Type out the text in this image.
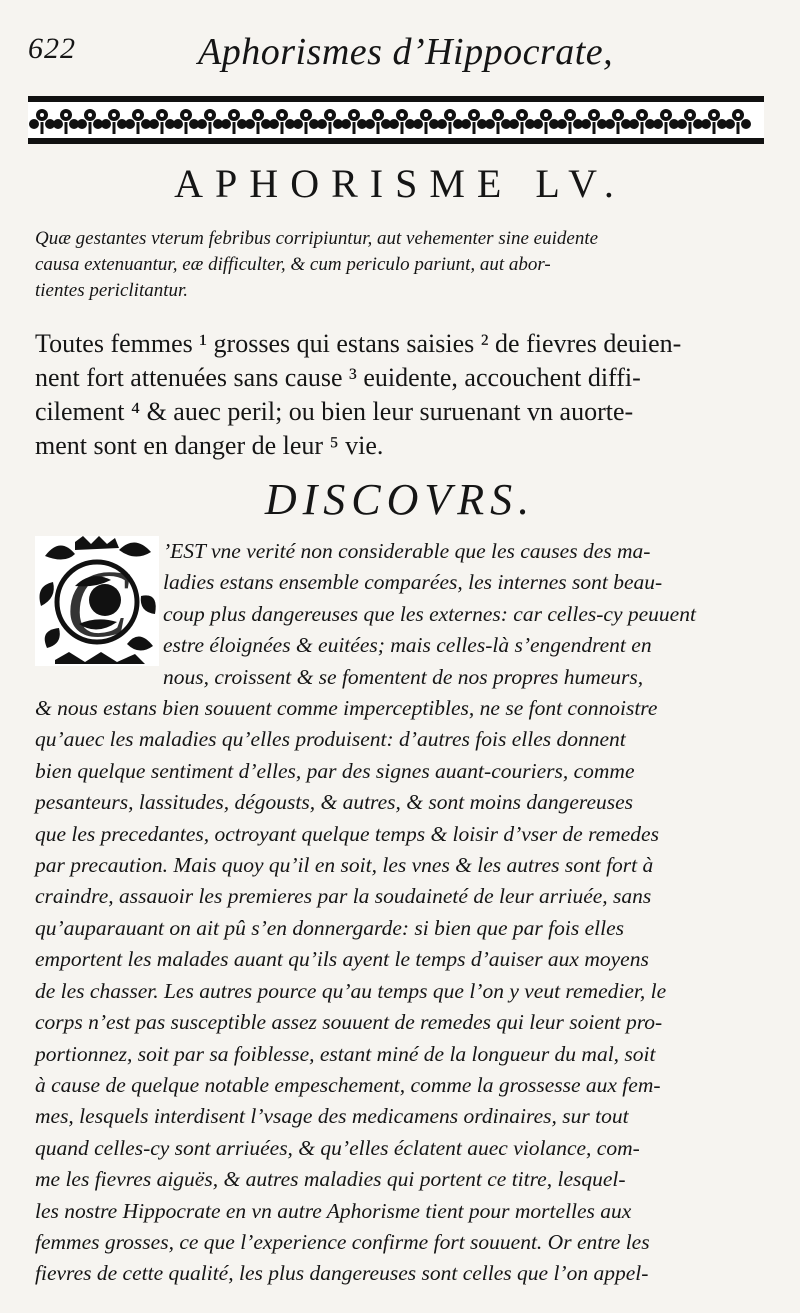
622	Aphorismes d’Hippocrate,
APHORISME LV.
Quæ gestantes vterum febribus corripiuntur, aut vehementer sine euidente
causa extenuantur, eæ difficulter, & cum periculo pariunt, aut abor-
tientes periclitantur.
Toutes femmes ¹ grosses qui estans saisies ² de fievres deuien-
nent fort attenuées sans cause ³ euidente, accouchent diffi-
cilement ⁴ & auec peril; ou bien leur suruenant vn auorte-
ment sont en danger de leur ⁵ vie.
DISCOVRS.
C	’EST vne verité non considerable que les causes des ma-
ladies estans ensemble comparées, les internes sont beau-
coup plus dangereuses que les externes: car celles-cy peuuent
estre éloignées & euitées; mais celles-là s’engendrent en
nous, croissent & se fomentent de nos propres humeurs,
& nous estans bien souuent comme imperceptibles, ne se font connoistre
qu’auec les maladies qu’elles produisent: d’autres fois elles donnent
bien quelque sentiment d’elles, par des signes auant-couriers, comme
pesanteurs, lassitudes, dégousts, & autres, & sont moins dangereuses
que les precedantes, octroyant quelque temps & loisir d’vser de remedes
par precaution. Mais quoy qu’il en soit, les vnes & les autres sont fort à
craindre, assauoir les premieres par la soudaineté de leur arriuée, sans
qu’auparauant on ait pû s’en donnergarde: si bien que par fois elles
emportent les malades auant qu’ils ayent le temps d’auiser aux moyens
de les chasser. Les autres pource qu’au temps que l’on y veut remedier, le
corps n’est pas susceptible assez souuent de remedes qui leur soient pro-
portionnez, soit par sa foiblesse, estant miné de la longueur du mal, soit
à cause de quelque notable empeschement, comme la grossesse aux fem-
mes, lesquels interdisent l’vsage des medicamens ordinaires, sur tout
quand celles-cy sont arriuées, & qu’elles éclatent auec violance, com-
me les fievres aiguës, & autres maladies qui portent ce titre, lesquel-
les nostre Hippocrate en vn autre Aphorisme tient pour mortelles aux
femmes grosses, ce que l’experience confirme fort souuent. Or entre les
fievres de cette qualité, les plus dangereuses sont celles que l’on appel-
